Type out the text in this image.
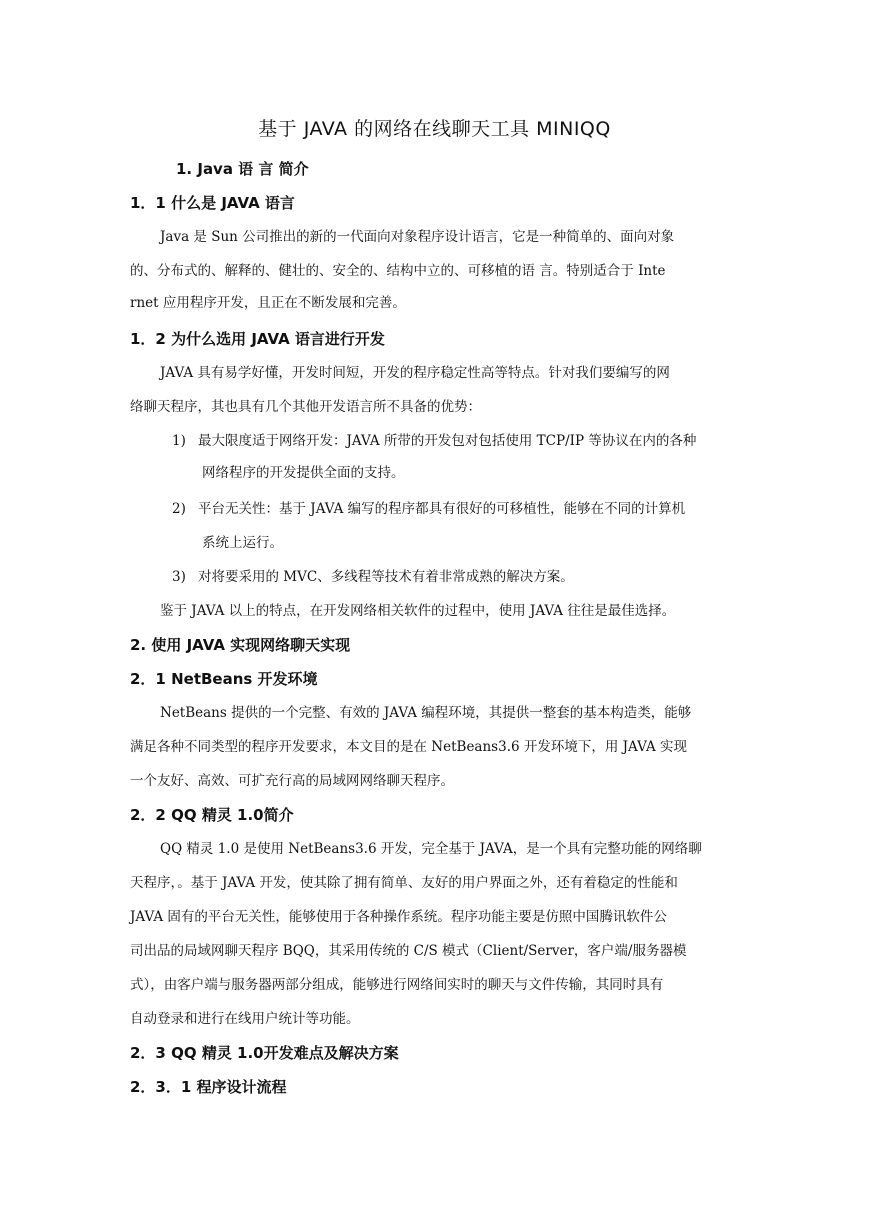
基于 JAVA 的网络在线聊天工具 MINIQQ
1. Java 语 言 简介
1．1 什么是 JAVA 语言
Java 是 Sun 公司推出的新的一代面向对象程序设计语言，它是一种简单的、面向对象
的、分布式的、解释的、健壮的、安全的、结构中立的、可移植的语 言。特别适合于 Inte
rnet 应用程序开发，且正在不断发展和完善。
1．2 为什么选用 JAVA 语言进行开发
JAVA 具有易学好懂，开发时间短，开发的程序稳定性高等特点。针对我们要编写的网
络聊天程序，其也具有几个其他开发语言所不具备的优势：
1) 最大限度适于网络开发：JAVA 所带的开发包对包括使用 TCP/IP 等协议在内的各种
网络程序的开发提供全面的支持。
2) 平台无关性：基于 JAVA 编写的程序都具有很好的可移植性，能够在不同的计算机
系统上运行。
3) 对将要采用的 MVC、多线程等技术有着非常成熟的解决方案。
鉴于 JAVA 以上的特点，在开发网络相关软件的过程中，使用 JAVA 往往是最佳选择。
2. 使用 JAVA 实现网络聊天实现
2．1 NetBeans 开发环境
NetBeans 提供的一个完整、有效的 JAVA 编程环境，其提供一整套的基本构造类，能够
满足各种不同类型的程序开发要求，本文目的是在 NetBeans3.6 开发环境下，用 JAVA 实现
一个友好、高效、可扩充行高的局域网网络聊天程序。
2．2 QQ 精灵 1.0简介
QQ 精灵 1.0 是使用 NetBeans3.6 开发，完全基于 JAVA，是一个具有完整功能的网络聊
天程序，。基于 JAVA 开发，使其除了拥有简单、友好的用户界面之外，还有着稳定的性能和
JAVA 固有的平台无关性，能够使用于各种操作系统。程序功能主要是仿照中国腾讯软件公
司出品的局域网聊天程序 BQQ，其采用传统的 C/S 模式（Client/Server，客户端/服务器模
式），由客户端与服务器两部分组成，能够进行网络间实时的聊天与文件传输，其同时具有
自动登录和进行在线用户统计等功能。
2．3 QQ 精灵 1.0开发难点及解决方案
2．3．1 程序设计流程
